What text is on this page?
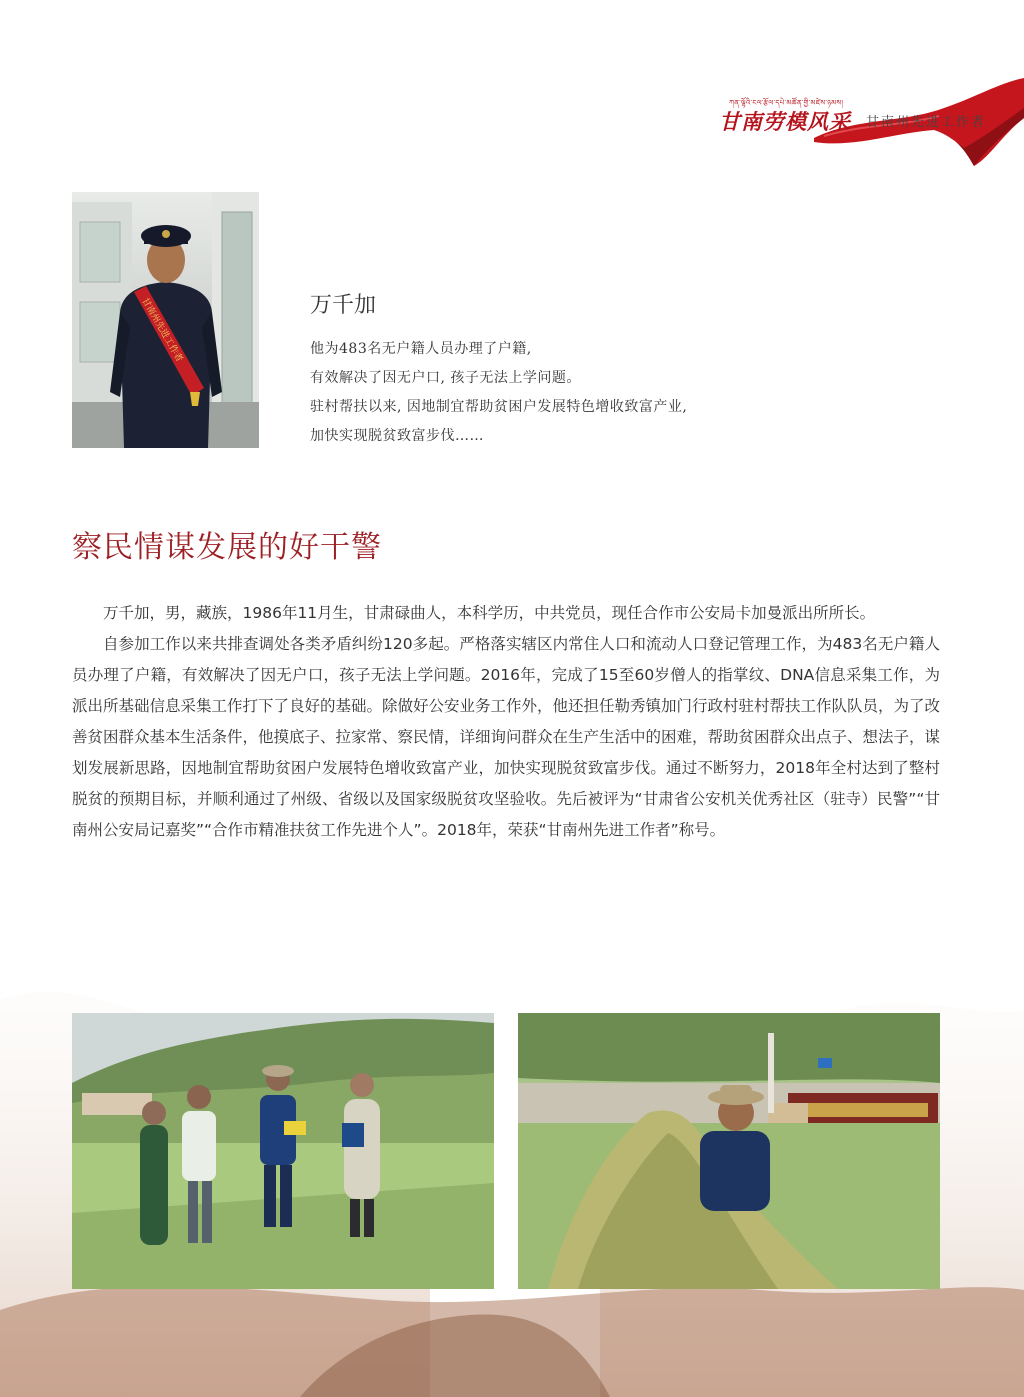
ཀན་ལྷོའི་ངལ་རྩོལ་དཔེ་མཚོན་གྱི་མཛེས་ཉམས།
甘南劳模风采 甘南州先进工作者
甘南州先进工作者	万千加

他为483名无户籍人员办理了户籍,

有效解决了因无户口, 孩子无法上学问题。

驻村帮扶以来, 因地制宜帮助贫困户发展特色增收致富产业,

加快实现脱贫致富步伐……

察民情谋发展的好干警

万千加，男，藏族，1986年11月生，甘肃碌曲人，本科学历，中共党员，现任合作市公安局卡加曼派出所所长。

自参加工作以来共排查调处各类矛盾纠纷120多起。严格落实辖区内常住人口和流动人口登记管理工作，为483名无户籍人员办理了户籍，有效解决了因无户口，孩子无法上学问题。2016年，完成了15至60岁僧人的指掌纹、DNA信息采集工作，为派出所基础信息采集工作打下了良好的基础。除做好公安业务工作外，他还担任勒秀镇加门行政村驻村帮扶工作队队员，为了改善贫困群众基本生活条件，他摸底子、拉家常、察民情，详细询问群众在生产生活中的困难，帮助贫困群众出点子、想法子，谋划发展新思路，因地制宜帮助贫困户发展特色增收致富产业，加快实现脱贫致富步伐。通过不断努力，2018年全村达到了整村脱贫的预期目标，并顺利通过了州级、省级以及国家级脱贫攻坚验收。先后被评为“甘肃省公安机关优秀社区（驻寺）民警”“甘南州公安局记嘉奖”“合作市精准扶贫工作先进个人”。2018年，荣获“甘南州先进工作者”称号。
